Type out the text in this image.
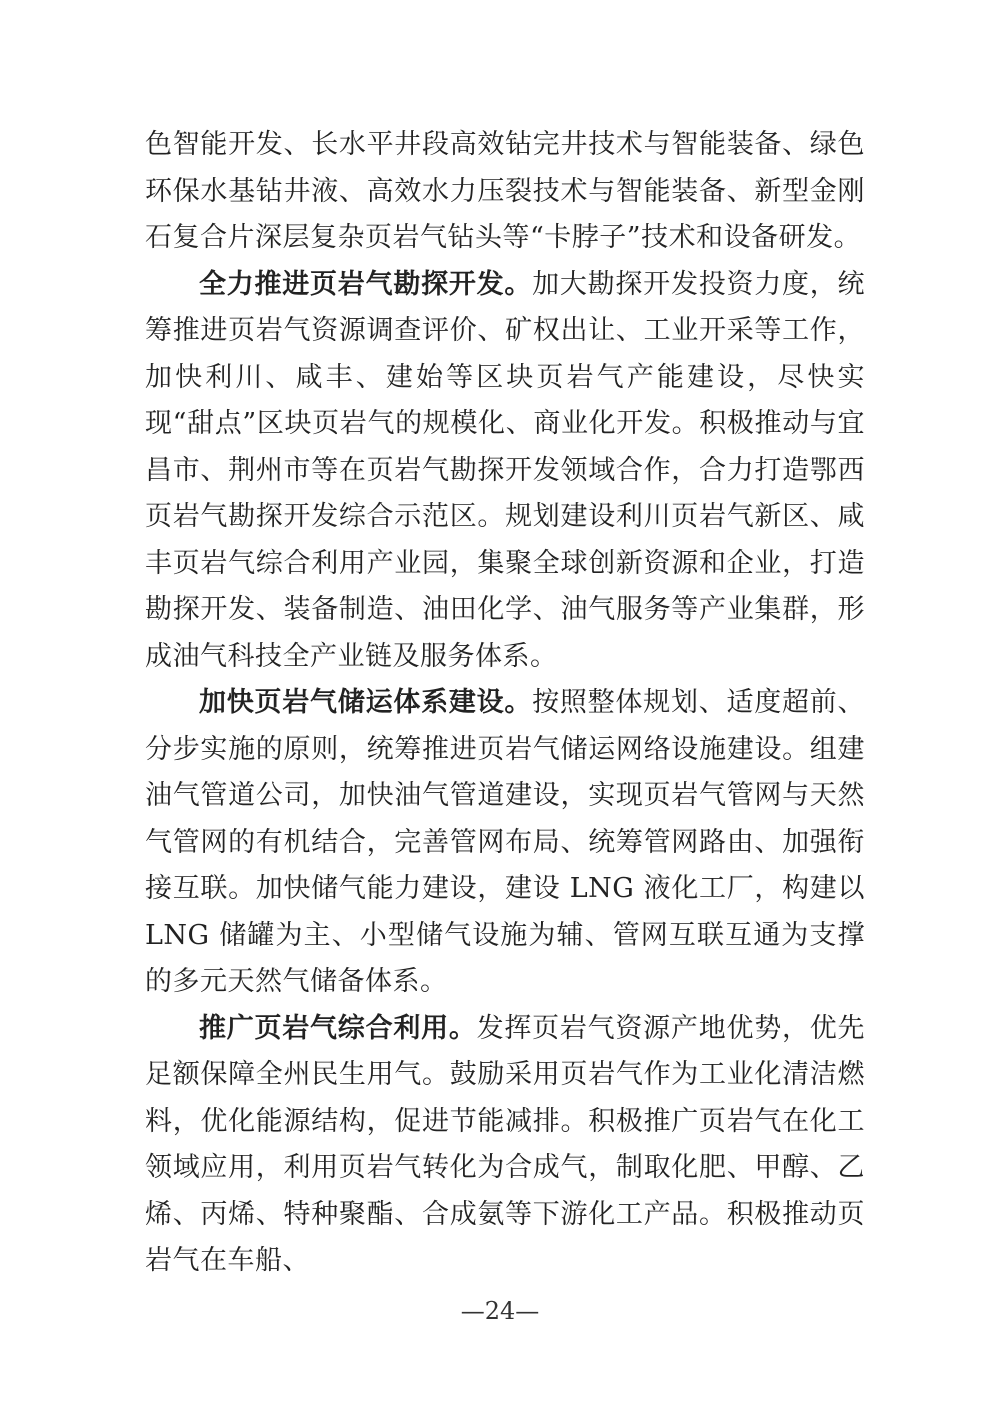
色智能开发、长水平井段高效钻完井技术与智能装备、绿色环保水基钻井液、高效水力压裂技术与智能装备、新型金刚石复合片深层复杂页岩气钻头等“卡脖子”技术和设备研发。

全力推进页岩气勘探开发。加大勘探开发投资力度，统筹推进页岩气资源调查评价、矿权出让、工业开采等工作，加快利川、咸丰、建始等区块页岩气产能建设，尽快实现“甜点”区块页岩气的规模化、商业化开发。积极推动与宜昌市、荆州市等在页岩气勘探开发领域合作，合力打造鄂西页岩气勘探开发综合示范区。规划建设利川页岩气新区、咸丰页岩气综合利用产业园，集聚全球创新资源和企业，打造勘探开发、装备制造、油田化学、油气服务等产业集群，形成油气科技全产业链及服务体系。

加快页岩气储运体系建设。按照整体规划、适度超前、分步实施的原则，统筹推进页岩气储运网络设施建设。组建油气管道公司，加快油气管道建设，实现页岩气管网与天然气管网的有机结合，完善管网布局、统筹管网路由、加强衔接互联。加快储气能力建设，建设 LNG 液化工厂，构建以 LNG 储罐为主、小型储气设施为辅、管网互联互通为支撑的多元天然气储备体系。

推广页岩气综合利用。发挥页岩气资源产地优势，优先足额保障全州民生用气。鼓励采用页岩气作为工业化清洁燃料，优化能源结构，促进节能减排。积极推广页岩气在化工领域应用，利用页岩气转化为合成气，制取化肥、甲醇、乙烯、丙烯、特种聚酯、合成氨等下游化工产品。积极推动页岩气在车船、

—24—
